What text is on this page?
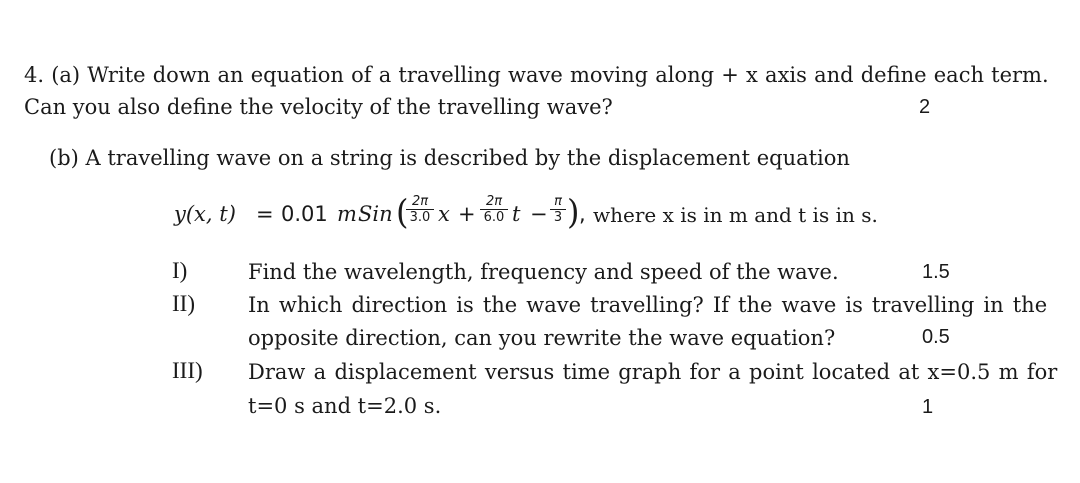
4. (a) Write down an equation of a travelling wave moving along + x axis and define each term.
Can you also define the velocity of the travelling wave?	2
(b) A travelling wave on a string is described by the displacement equation
y(x, t) = 0.01 m Sin ( 2π
3.0 x +
2π
6.0 t −
π
3 ) , where x is in m and t is in s.
I)	Find the wavelength, frequency and speed of the wave.	1.5
II)	In which direction is the wave travelling? If the wave is travelling in the
opposite direction, can you rewrite the wave equation?	0.5
III) Draw a displacement versus time graph for a point located at x=0.5 m for
t=0 s and t=2.0 s.	1
